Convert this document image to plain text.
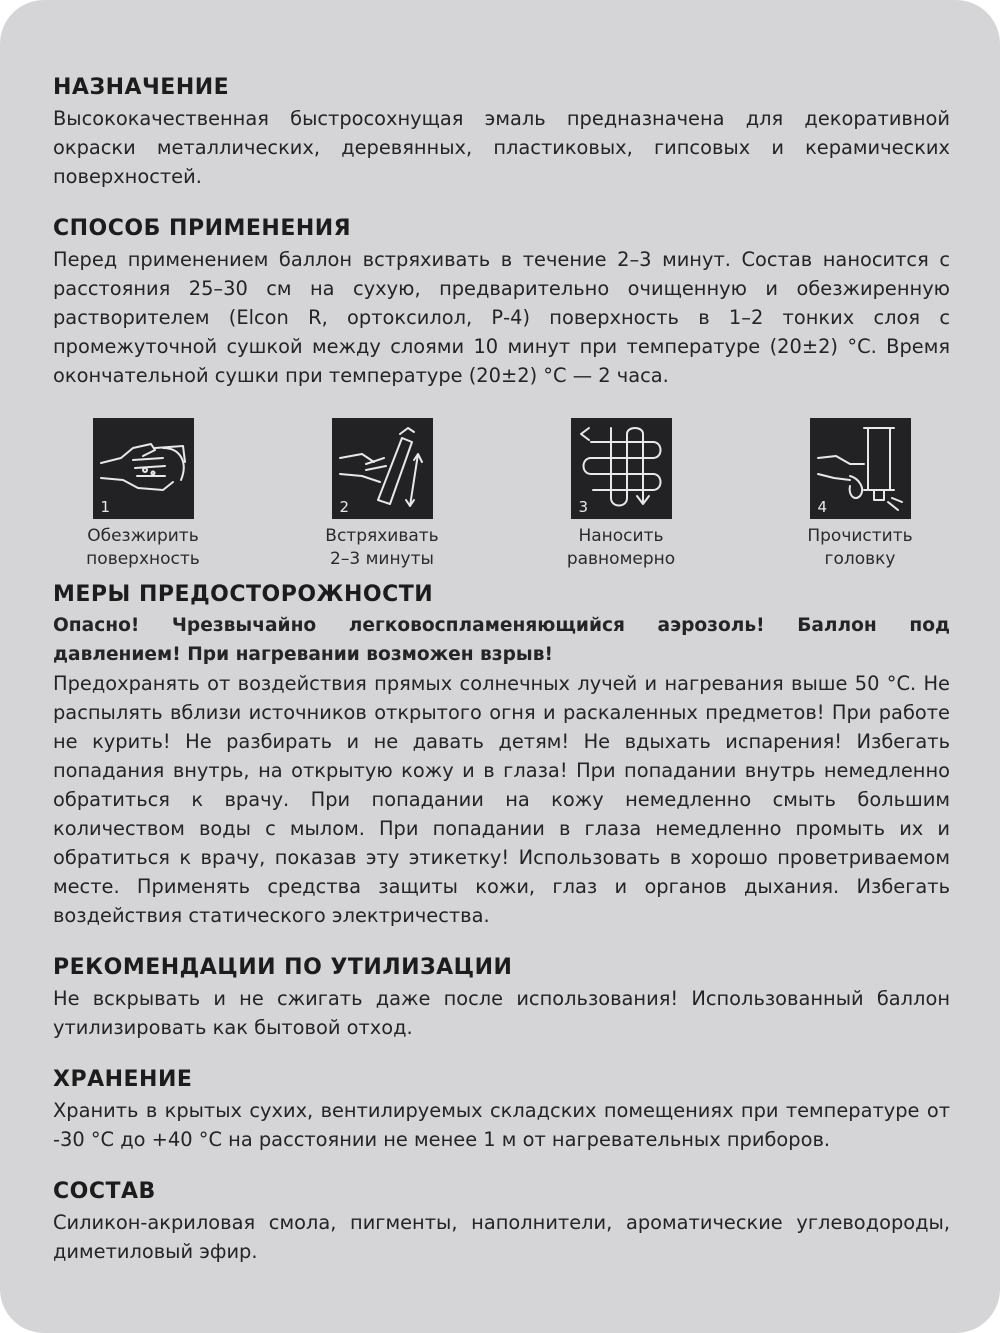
НАЗНАЧЕНИЕ

Высококачественная быстросохнущая эмаль предназначена для декоративной окраски металлических, деревянных, пластиковых, гипсовых и керамических поверхностей.

СПОСОБ ПРИМЕНЕНИЯ

Перед применением баллон встряхивать в течение 2–3 минут. Состав наносится с расстояния 25–30 см на сухую, предварительно очищенную и обезжиренную растворителем (Elcon R, ортоксилол, Р-4) поверхность в 1–2 тонких слоя с промежуточной сушкой между слоями 10 минут при температуре (20±2) °С. Время окончательной сушки при температуре (20±2) °С — 2 часа.

1
Обезжирить
поверхность
2
Встряхивать
2–3 минуты
3
Наносить
равномерно
4
Прочистить
головку
МЕРЫ ПРЕДОСТОРОЖНОСТИ

Опасно! Чрезвычайно легковоспламеняющийся аэрозоль! Баллон под давлением! При нагревании возможен взрыв!

Предохранять от воздействия прямых солнечных лучей и нагревания выше 50 °С. Не распылять вблизи источников открытого огня и раскаленных предметов! При работе не курить! Не разбирать и не давать детям! Не вдыхать испарения! Избегать попадания внутрь, на открытую кожу и в глаза! При попадании внутрь немедленно обратиться к врачу. При попадании на кожу немедленно смыть большим количеством воды с мылом. При попадании в глаза немедленно промыть их и обратиться к врачу, показав эту этикетку! Использовать в хорошо проветриваемом месте. Применять средства защиты кожи, глаз и органов дыхания. Избегать воздействия статического электричества.

РЕКОМЕНДАЦИИ ПО УТИЛИЗАЦИИ

Не вскрывать и не сжигать даже после использования! Использованный баллон утилизировать как бытовой отход.

ХРАНЕНИЕ

Хранить в крытых сухих, вентилируемых складских помещениях при температуре от -30 °С до +40 °С на расстоянии не менее 1 м от нагревательных приборов.

СОСТАВ

Силикон-акриловая смола, пигменты, наполнители, ароматические углеводороды, диметиловый эфир.
